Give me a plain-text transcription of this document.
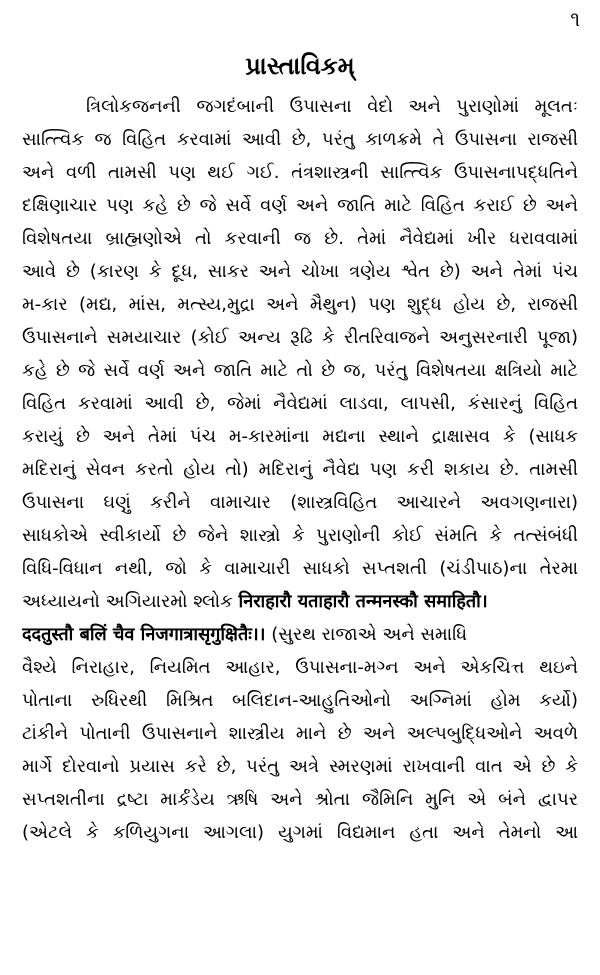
૧
પ્રાસ્તાવિકમ્
ત્રિલોકજનની જગદંબાની ઉપાસના વેદો અને પુરાણોમાં મૂલતઃ
સાત્ત્વિક જ વિહિત કરવામાં આવી છે, પરંતુ કાળક્રમે તે ઉપાસના રાજસી
અને વળી તામસી પણ થઈ ગઈ. તંત્રશાસ્ત્રની સાત્ત્વિક ઉપાસનાપદ્ધતિને
દક્ષિણાચાર પણ કહે છે જે સર્વે વર્ણ અને જાતિ માટે વિહિત કરાઈ છે અને
વિશેષતયા બ્રાહ્મણોએ તો કરવાની જ છે. તેમાં નૈવેદ્યમાં ખીર ધરાવવામાં
આવે છે (કારણ કે દૂધ, સાકર અને ચોખા ત્રણેય શ્વેત છે) અને તેમાં પંચ
મ-કાર (મદ્ય, માંસ, મત્સ્ય,મુદ્રા અને મૈથુન) પણ શુદ્ધ હોય છે, રાજસી
ઉપાસનાને સમયાચાર (કોઈ અન્ય રૂઢિ કે રીતરિવાજને અનુસરનારી પૂજા)
કહે છે જે સર્વે વર્ણ અને જાતિ માટે તો છે જ, પરંતુ વિશેષતયા ક્ષત્રિયો માટે
વિહિત કરવામાં આવી છે, જેમાં નૈવેદ્યમાં લાડવા, લાપસી, કંસારનું વિહિત
કરાયું છે અને તેમાં પંચ મ-કારમાંના મદ્યના સ્થાને દ્રાક્ષાસવ કે (સાધક
મદિરાનું સેવન કરતો હોય તો) મદિરાનું નૈવેદ્ય પણ કરી શકાય છે. તામસી
ઉપાસના ઘણું કરીને વામાચાર (શાસ્ત્રવિહિત આચારને અવગણનારા)
સાધકોએ સ્વીકાર્યો છે જેને શાસ્ત્રો કે પુરાણોની કોઈ સંમતિ કે તત્સંબંધી
વિધિ-વિધાન નથી, જો કે વામાચારી સાધકો સપ્તશતી (ચંડીપાઠ)ના તેરમા
અધ્યાયનો અગિયારમો શ્લોક निराहारौ यताहारौ तन्मनस्कौ समाहितौ।
ददतुस्तौ बलिं चैव निजगात्रासृगुक्षितैः।। (સુરથ રાજાએ અને સમાધિ
વૈશ્યે નિરાહાર, નિયમિત આહાર, ઉપાસના-મગ્ન અને એકચિત્ત થઇને
પોતાના રુધિરથી મિશ્રિત બલિદાન-આહુતિઓનો અગ્નિમાં હોમ કર્યો)
ટાંકીને પોતાની ઉપાસનાને શાસ્ત્રીય માને છે અને અલ્પબુદ્ધિઓને અવળે
માર્ગે દોરવાનો પ્રયાસ કરે છે, પરંતુ અત્રે સ્મરણમાં રાખવાની વાત એ છે કે
સપ્તશતીના દ્રષ્ટા માર્કંડેય ઋષિ અને શ્રોતા જૈમિનિ મુનિ એ બંને દ્વાપર
(એટલે કે કળિયુગના આગલા) યુગમાં વિદ્યમાન હતા અને તેમનો આ
